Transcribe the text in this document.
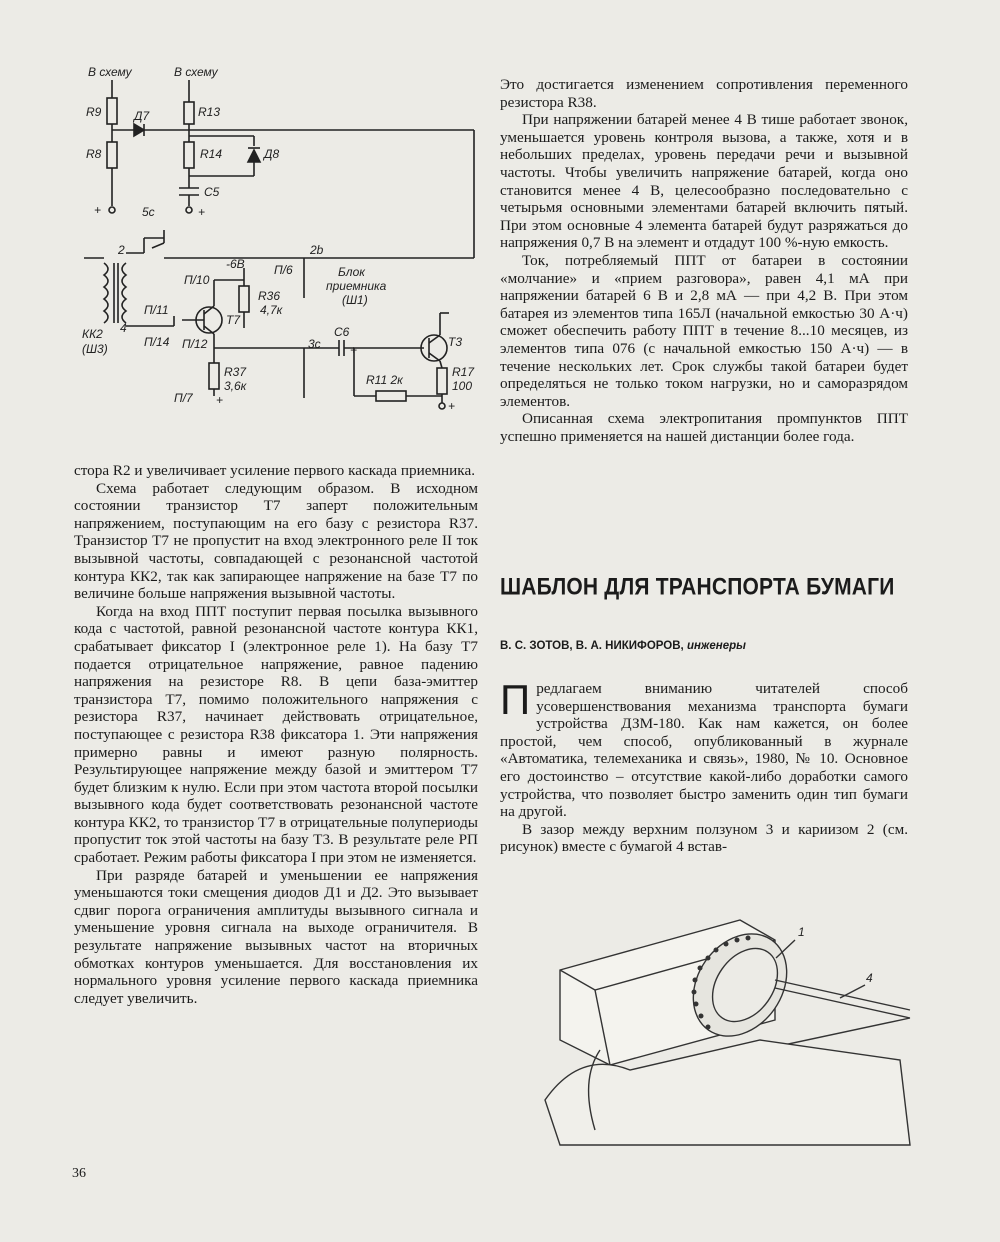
В схему	В схему
R9
R8
Д7	R13
R14	Д8
C5
+	+
5с
2
4
КК2
(Ш3)
-6В
П/10
П/6
2b
Блок
приемника
(Ш1)
R36
4,7к
П/11
Т7
П/14 П/12	3с
С6
+
Т3
R37
3,6к	R11 2к
R17
100
П/7 +	+

стора R2 и увеличивает усиление первого каскада приемника.

Схема работает следующим образом. В исходном состоянии транзистор Т7 заперт положительным напряжением, поступающим на его базу с резистора R37. Транзистор Т7 не пропустит на вход электронного реле II ток вызывной частоты, совпадающей с резонансной частотой контура КК2, так как запирающее напряжение на базе Т7 по величине больше напряжения вызывной частоты.

Когда на вход ППТ поступит первая посылка вызывного кода с частотой, равной резонансной частоте контура КК1, срабатывает фиксатор I (электронное реле 1). На базу Т7 подается отрицательное напряжение, равное падению напряжения на резисторе R8. В цепи база-эмиттер транзистора Т7, помимо положительного напряжения с резистора R37, начинает действовать отрицательное, поступающее с резистора R38 фиксатора 1. Эти напряжения примерно равны и имеют разную полярность. Результирующее напряжение между базой и эмиттером Т7 будет близким к нулю. Если при этом частота второй посылки вызывного кода будет соответствовать резонансной частоте контура КК2, то транзистор Т7 в отрицательные полупериоды пропустит ток этой частоты на базу Т3. В результате реле РП сработает. Режим работы фиксатора I при этом не изменяется.

При разряде батарей и уменьшении ее напряжения уменьшаются токи смещения диодов Д1 и Д2. Это вызывает сдвиг порога ограничения амплитуды вызывного сигнала и уменьшение уровня сигнала на выходе ограничителя. В результате напряжение вызывных частот на вторичных обмотках контуров уменьшается. Для восстановления их нормального уровня усиление первого каскада приемника следует увеличить.

Это достигается изменением сопротивления переменного резистора R38.

При напряжении батарей менее 4 В тише работает звонок, уменьшается уровень контроля вызова, а также, хотя и в небольших пределах, уровень передачи речи и вызывной частоты. Чтобы увеличить напряжение батарей, когда оно становится менее 4 В, целесообразно последовательно с четырьмя основными элементами батарей включить пятый. При этом основные 4 элемента батарей будут разряжаться до напряжения 0,7 В на элемент и отдадут 100 %-ную емкость.

Ток, потребляемый ППТ от батареи в состоянии «молчание» и «прием разговора», равен 4,1 мА при напряжении батарей 6 В и 2,8 мА — при 4,2 В. При этом батарея из элементов типа 165Л (начальной емкостью 30 А·ч) сможет обеспечить работу ППТ в течение 8...10 месяцев, из элементов типа 076 (с начальной емкостью 150 А·ч) — в течение нескольких лет. Срок службы такой батареи будет определяться не только током нагрузки, но и саморазрядом элементов.

Описанная схема электропитания промпунктов ППТ успешно применяется на нашей дистанции более года.

ШАБЛОН ДЛЯ ТРАНСПОРТА БУМАГИ
В. С. ЗОТОВ, В. А. НИКИФОРОВ, инженеры

Предлагаем вниманию читателей способ усовершенствования механизма транспорта бумаги устройства ДЗМ-180. Как нам кажется, он более простой, чем способ, опубликованный в журнале «Автоматика, телемеханика и связь», 1980, № 10. Основное его достоинство – отсутствие какой-либо доработки самого устройства, что позволяет быстро заменить один тип бумаги на другой.

В зазор между верхним ползуном 3 и кариизом 2 (см. рисунок) вместе с бумагой 4 встав-

1
4
36
